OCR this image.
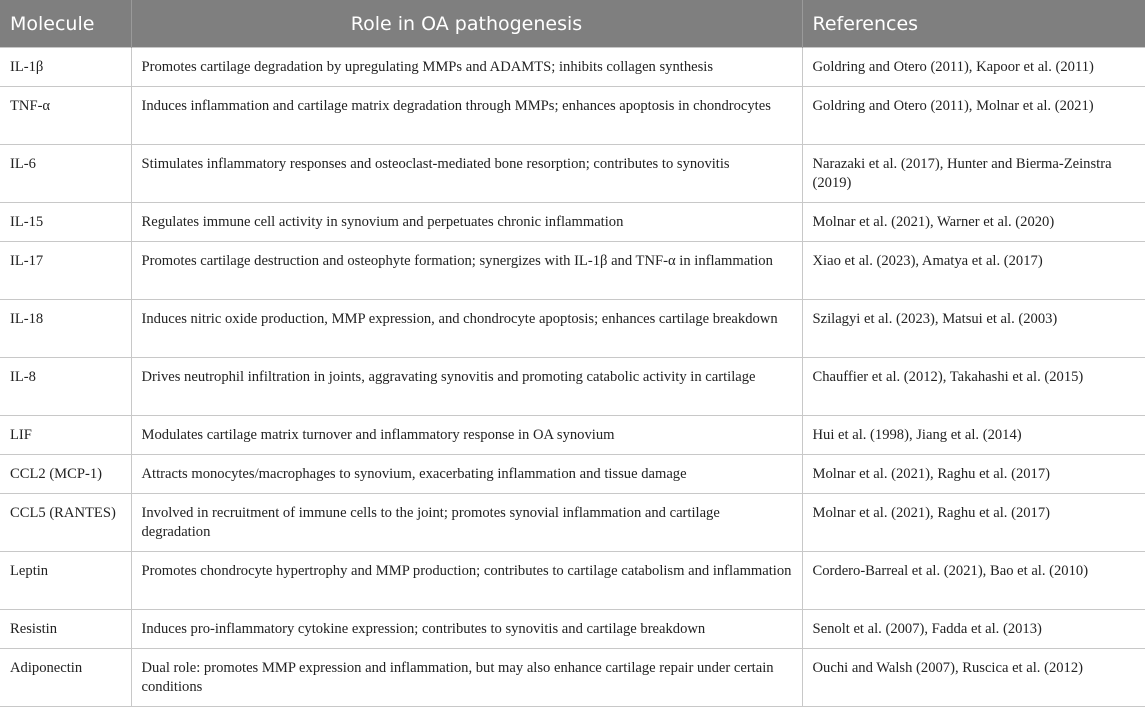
Molecule	Role in OA pathogenesis	References
IL-1β	Promotes cartilage degradation by upregulating MMPs and ADAMTS; inhibits collagen synthesis	Goldring and Otero (2011), Kapoor et al. (2011)
TNF-α	Induces inflammation and cartilage matrix degradation through MMPs; enhances apoptosis in chondrocytes	Goldring and Otero (2011), Molnar et al. (2021)
IL-6	Stimulates inflammatory responses and osteoclast-mediated bone resorption; contributes to synovitis	Narazaki et al. (2017), Hunter and Bierma-Zeinstra (2019)
IL-15	Regulates immune cell activity in synovium and perpetuates chronic inflammation	Molnar et al. (2021), Warner et al. (2020)
IL-17	Promotes cartilage destruction and osteophyte formation; synergizes with IL-1β and TNF-α in inflammation	Xiao et al. (2023), Amatya et al. (2017)
IL-18	Induces nitric oxide production, MMP expression, and chondrocyte apoptosis; enhances cartilage breakdown	Szilagyi et al. (2023), Matsui et al. (2003)
IL-8	Drives neutrophil infiltration in joints, aggravating synovitis and promoting catabolic activity in cartilage	Chauffier et al. (2012), Takahashi et al. (2015)
LIF	Modulates cartilage matrix turnover and inflammatory response in OA synovium	Hui et al. (1998), Jiang et al. (2014)
CCL2 (MCP-1)	Attracts monocytes/macrophages to synovium, exacerbating inflammation and tissue damage	Molnar et al. (2021), Raghu et al. (2017)
CCL5 (RANTES)	Involved in recruitment of immune cells to the joint; promotes synovial inflammation and cartilage degradation	Molnar et al. (2021), Raghu et al. (2017)
Leptin	Promotes chondrocyte hypertrophy and MMP production; contributes to cartilage catabolism and inflammation	Cordero-Barreal et al. (2021), Bao et al. (2010)
Resistin	Induces pro-inflammatory cytokine expression; contributes to synovitis and cartilage breakdown	Senolt et al. (2007), Fadda et al. (2013)
Adiponectin	Dual role: promotes MMP expression and inflammation, but may also enhance cartilage repair under certain conditions	Ouchi and Walsh (2007), Ruscica et al. (2012)
